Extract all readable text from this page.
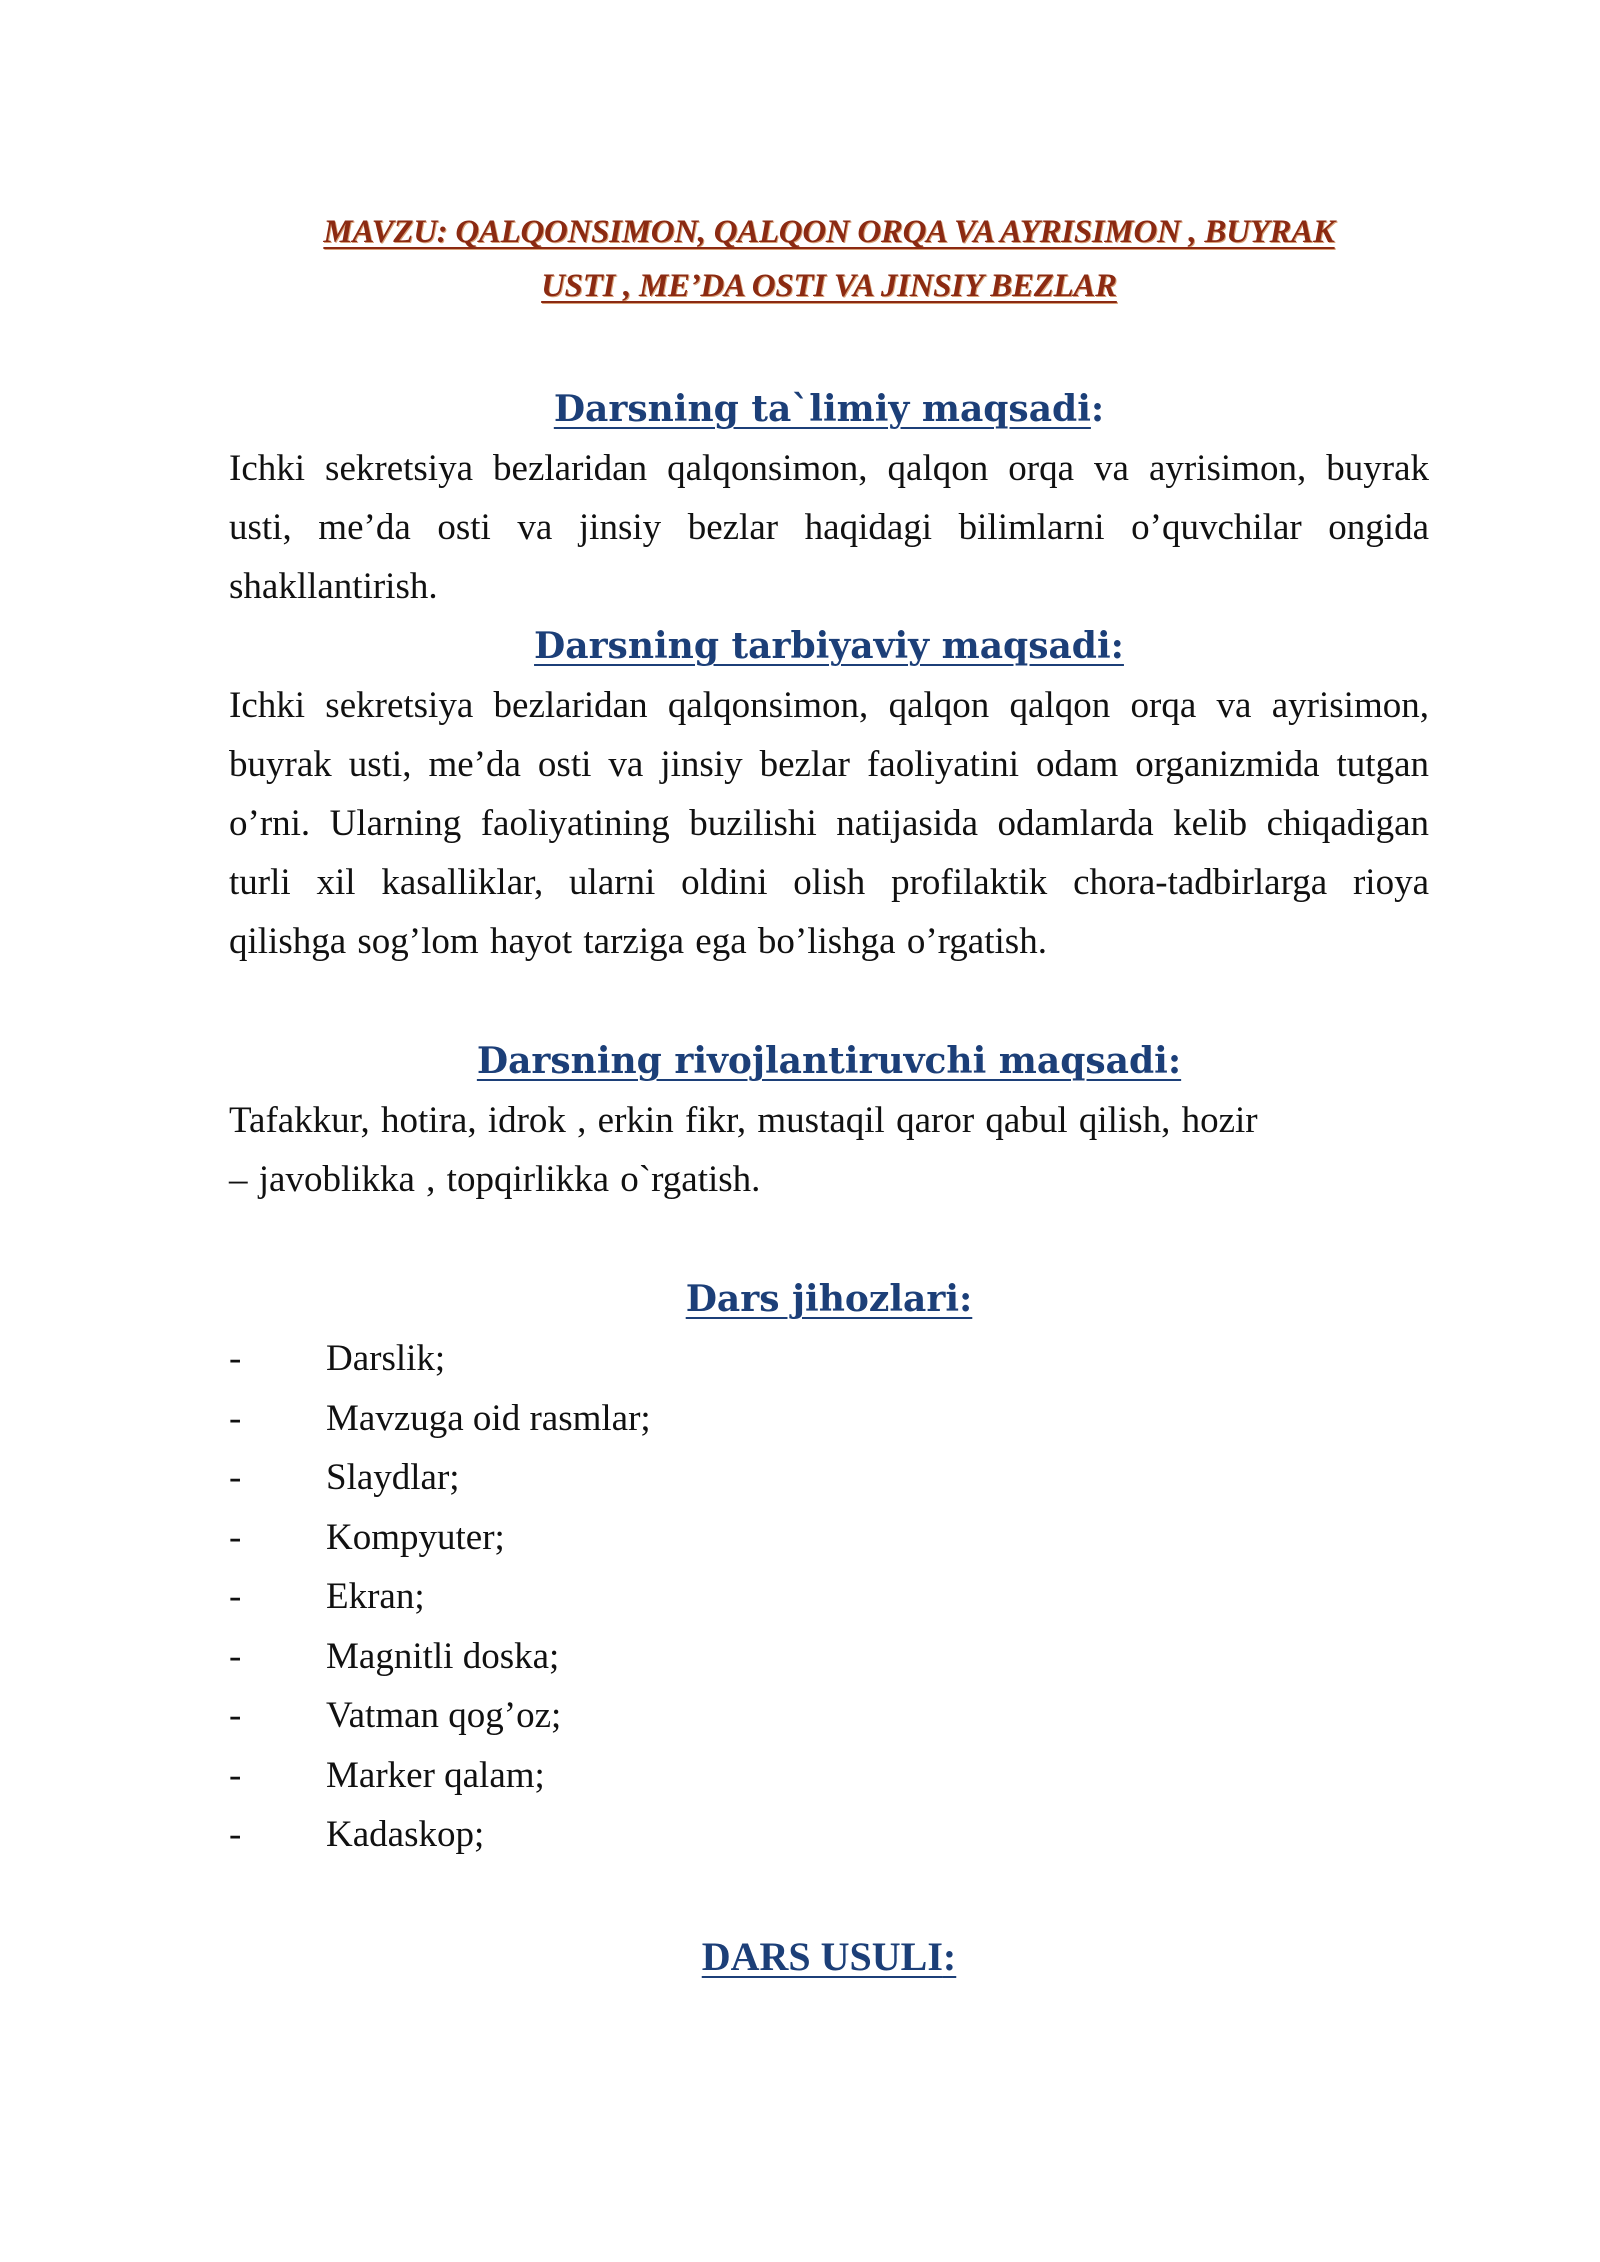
MAVZU: QALQONSIMON, QALQON ORQA VA AYRISIMON , BUYRAK
USTI , ME’DA OSTI VA JINSIY BEZLAR
Darsning ta`limiy maqsadi:

Ichki sekretsiya bezlaridan qalqonsimon, qalqon orqa va ayrisimon, buyrak usti, me’da osti va jinsiy bezlar haqidagi bilimlarni o’quvchilar ongida shakllantirish.

Darsning tarbiyaviy maqsadi:

Ichki sekretsiya bezlaridan qalqonsimon, qalqon qalqon orqa va ayrisimon, buyrak usti, me’da osti va jinsiy bezlar faoliyatini odam organizmida tutgan o’rni. Ularning faoliyatining buzilishi natijasida odamlarda kelib chiqadigan turli xil kasalliklar, ularni oldini olish profilaktik chora-tadbirlarga rioya qilishga sog’lom hayot tarziga ega bo’lishga o’rgatish.

Darsning rivojlantiruvchi maqsadi:

Tafakkur, hotira, idrok , erkin fikr, mustaqil qaror qabul qilish, hozir
– javoblikka , topqirlikka o`rgatish.

Dars jihozlari:
-	Darslik;
-	Mavzuga oid rasmlar;
-	Slaydlar;
-	Kompyuter;
-	Ekran;
-	Magnitli doska;
-	Vatman qog’oz;
-	Marker qalam;
-	Kadaskop;
DARS USULI:
